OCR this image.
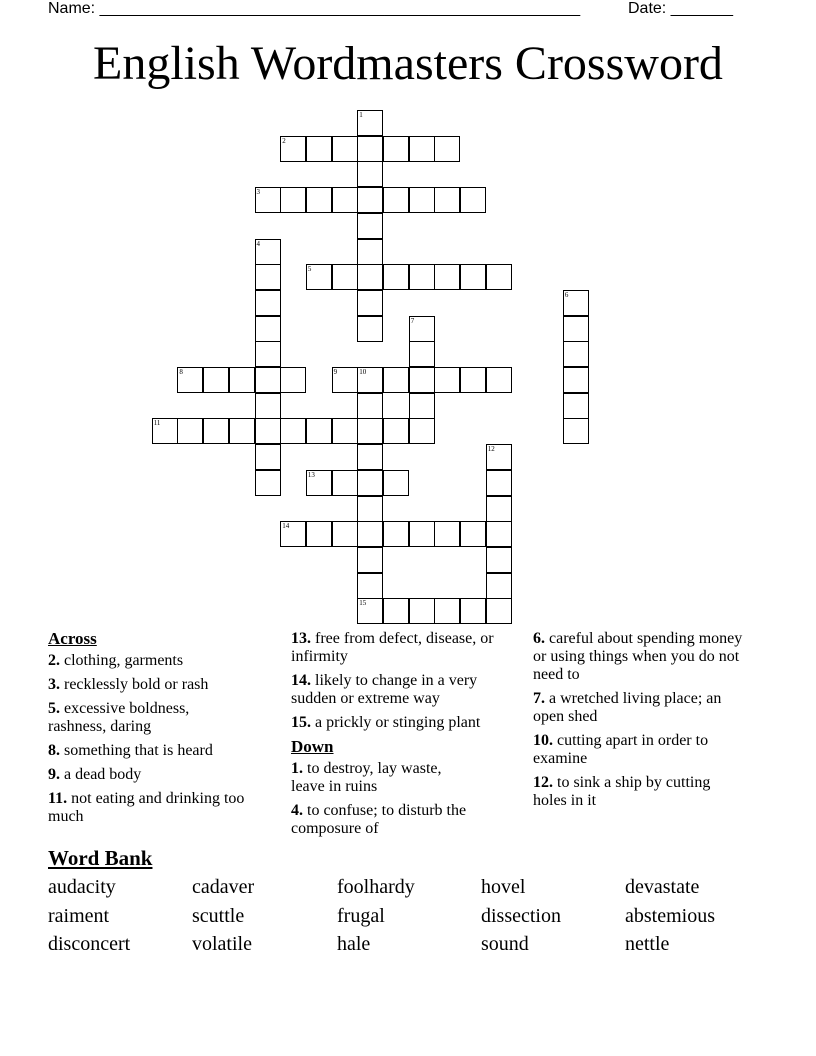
Name: ______________________________________________________	Date: _______
English Wordmasters Crossword
1
2
3
4
5
6
7
8	9	10
15
11
12
13
14
Across
2. clothing, garments
3. recklessly bold or rash
5. excessive boldness, rashness, daring
8. something that is heard
9. a dead body
11. not eating and drinking too much
13. free from defect, disease, or infirmity
14. likely to change in a very sudden or extreme way
15. a prickly or stinging plant
Down
1. to destroy, lay waste, leave in ruins
4. to confuse; to disturb the composure of
6. careful about spending money or using things when you do not need to
7. a wretched living place; an open shed
10. cutting apart in order to examine
12. to sink a ship by cutting holes in it
Word Bank
audacity	cadaver	foolhardy	hovel	devastate
raiment	scuttle	frugal	dissection	abstemious
disconcert	volatile	hale	sound	nettle
